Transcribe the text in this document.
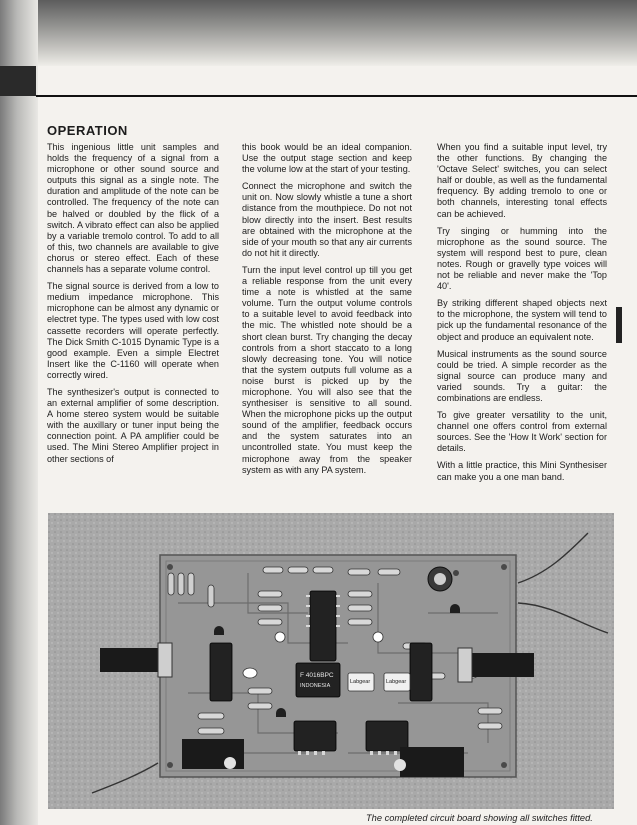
OPERATION

This ingenious little unit samples and holds the frequency of a signal from a microphone or other sound source and outputs this signal as a single note. The duration and amplitude of the note can be controlled. The frequency of the note can be halved or doubled by the flick of a switch. A vibrato effect can also be applied by a variable tremolo control. To add to all of this, two channels are available to give chorus or stereo effect. Each of these channels has a separate volume control.

The signal source is derived from a low to medium impedance microphone. This microphone can be almost any dynamic or electret type. The types used with low cost cassette recorders will operate perfectly. The Dick Smith C-1015 Dynamic Type is a good example. Even a simple Electret Insert like the C-1160 will operate when correctly wired.

The synthesizer's output is connected to an external amplifier of some description. A home stereo system would be suitable with the auxillary or tuner input being the connection point. A PA amplifier could be used. The Mini Stereo Amplifier project in other sections of

this book would be an ideal companion. Use the output stage section and keep the volume low at the start of your testing.

Connect the microphone and switch the unit on. Now slowly whistle a tune a short distance from the mouthpiece. Do not not blow directly into the insert. Best results are obtained with the microphone at the side of your mouth so that any air currents do not hit it directly.

Turn the input level control up till you get a reliable response from the unit every time a note is whistled at the same volume. Turn the output volume controls to a suitable level to avoid feedback into the mic. The whistled note should be a short clean burst. Try changing the decay controls from a short staccato to a long slowly decreasing tone. You will notice that the system outputs full volume as a noise burst is picked up by the microphone. You will also see that the synthesiser is sensitive to all sound. When the microphone picks up the output sound of the amplifier, feedback occurs and the system saturates into an uncontrolled state. You must keep the microphone away from the speaker system as with any PA system.

When you find a suitable input level, try the other functions. By changing the 'Octave Select' switches, you can select half or double, as well as the fundamental frequency. By adding tremolo to one or both channels, interesting tonal effects can be achieved.

Try singing or humming into the microphone as the sound source. The system will respond best to pure, clean notes. Rough or gravelly type voices will not be reliable and never make the 'Top 40'.

By striking different shaped objects next to the microphone, the system will tend to pick up the fundamental resonance of the object and produce an equivalent note.

Musical instruments as the sound source could be tried. A simple recorder as the signal source can produce many and varied sounds. Try a guitar: the combinations are endless.

To give greater versatility to the unit, channel one offers control from external sources. See the 'How It Work' section for details.

With a little practice, this Mini Synthesiser can make you a one man band.

F 4016BPC
INDONESIA
Labgear	Labgear
The completed circuit board showing all switches fitted.
